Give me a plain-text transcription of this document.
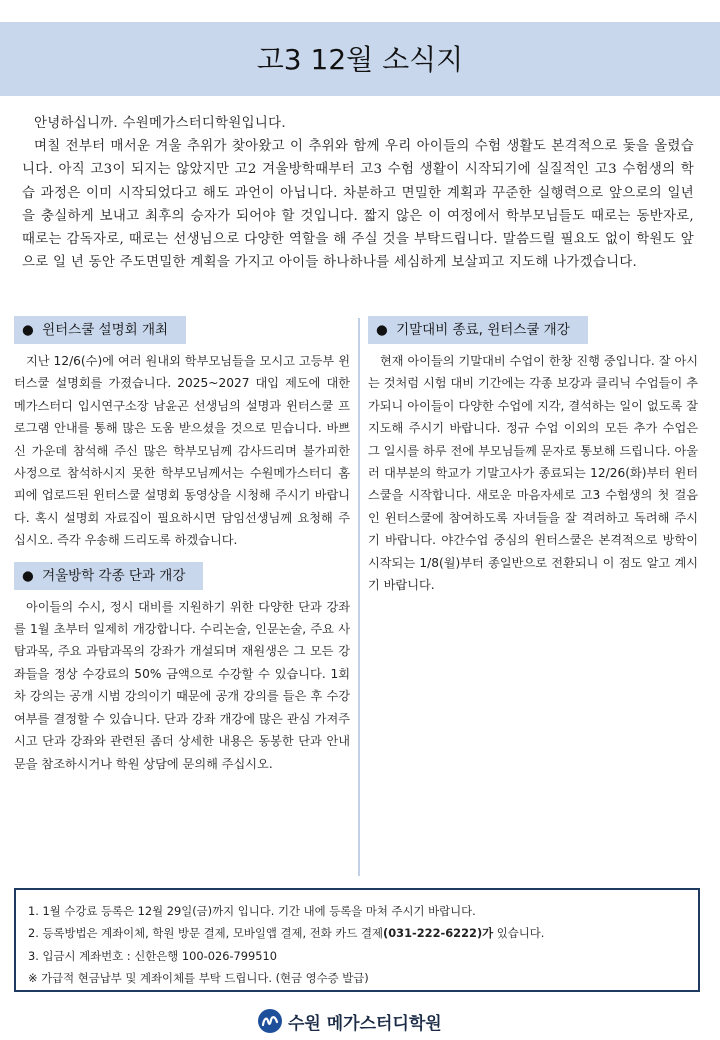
고3 12월 소식지

안녕하십니까. 수원메가스터디학원입니다.

며칠 전부터 매서운 겨울 추위가 찾아왔고 이 추위와 함께 우리 아이들의 수험 생활도 본격적으로 돛을 올렸습니다. 아직 고3이 되지는 않았지만 고2 겨울방학때부터 고3 수험 생활이 시작되기에 실질적인 고3 수험생의 학습 과정은 이미 시작되었다고 해도 과언이 아닙니다. 차분하고 면밀한 계획과 꾸준한 실행력으로 앞으로의 일년을 충실하게 보내고 최후의 승자가 되어야 할 것입니다. 짧지 않은 이 여정에서 학부모님들도 때로는 동반자로, 때로는 감독자로, 때로는 선생님으로 다양한 역할을 해 주실 것을 부탁드립니다. 말씀드릴 필요도 없이 학원도 앞으로 일 년 동안 주도면밀한 계획을 가지고 아이들 하나하나를 세심하게 보살피고 지도해 나가겠습니다.

● 윈터스쿨 설명회 개최

지난 12/6(수)에 여러 원내외 학부모님들을 모시고 고등부 윈터스쿨 설명회를 가졌습니다. 2025~2027 대입 제도에 대한 메가스터디 입시연구소장 남윤곤 선생님의 설명과 윈터스쿨 프로그램 안내를 통해 많은 도움 받으셨을 것으로 믿습니다. 바쁘신 가운데 참석해 주신 많은 학부모님께 감사드리며 불가피한 사정으로 참석하시지 못한 학부모님께서는 수원메가스터디 홈피에 업로드된 윈터스쿨 설명회 동영상을 시청해 주시기 바랍니다. 혹시 설명회 자료집이 필요하시면 담임선생님께 요청해 주십시오. 즉각 우송해 드리도록 하겠습니다.

● 겨울방학 각종 단과 개강

아이들의 수시, 정시 대비를 지원하기 위한 다양한 단과 강좌를 1월 초부터 일제히 개강합니다. 수리논술, 인문논술, 주요 사탐과목, 주요 과탐과목의 강좌가 개설되며 재원생은 그 모든 강좌들을 정상 수강료의 50% 금액으로 수강할 수 있습니다. 1회차 강의는 공개 시범 강의이기 때문에 공개 강의를 들은 후 수강 여부를 결정할 수 있습니다. 단과 강좌 개강에 많은 관심 가져주시고 단과 강좌와 관련된 좀더 상세한 내용은 동봉한 단과 안내문을 참조하시거나 학원 상담에 문의해 주십시오.

● 기말대비 종료, 윈터스쿨 개강

현재 아이들의 기말대비 수업이 한창 진행 중입니다. 잘 아시는 것처럼 시험 대비 기간에는 각종 보강과 클리닉 수업들이 추가되니 아이들이 다양한 수업에 지각, 결석하는 일이 없도록 잘 지도해 주시기 바랍니다. 정규 수업 이외의 모든 추가 수업은 그 일시를 하루 전에 부모님들께 문자로 통보해 드립니다. 아울러 대부분의 학교가 기말고사가 종료되는 12/26(화)부터 윈터스쿨을 시작합니다. 새로운 마음자세로 고3 수험생의 첫 걸음인 윈터스쿨에 참여하도록 자녀들을 잘 격려하고 독려해 주시기 바랍니다. 야간수업 중심의 윈터스쿨은 본격적으로 방학이 시작되는 1/8(월)부터 종일반으로 전환되니 이 점도 알고 계시기 바랍니다.

1. 1월 수강료 등록은 12월 29일(금)까지 입니다. 기간 내에 등록을 마쳐 주시기 바랍니다.
2. 등록방법은 계좌이체, 학원 방문 결제, 모바일앱 결제, 전화 카드 결제(031-222-6222)가 있습니다.
3. 입금시 계좌번호 : 신한은행 100-026-799510
※ 가급적 현금납부 및 계좌이체를 부탁 드립니다. (현금 영수증 발급)
수원 메가스터디학원
